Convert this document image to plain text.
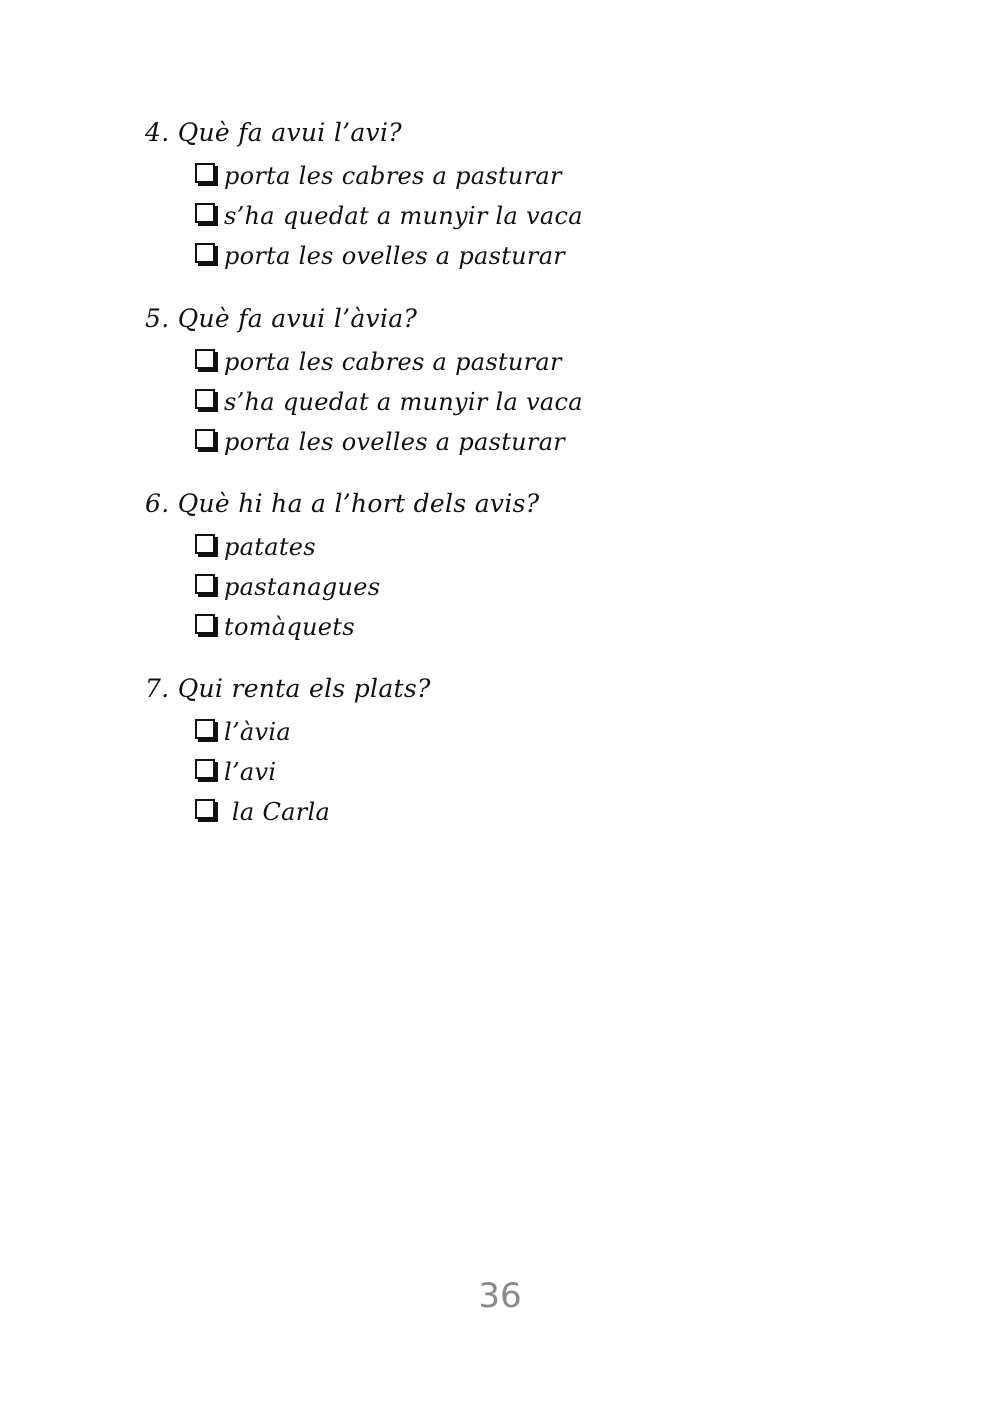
4. Què fa avui l’avi?
porta les cabres a pasturar
s’ha quedat a munyir la vaca
porta les ovelles a pasturar
5. Què fa avui l’àvia?
porta les cabres a pasturar
s’ha quedat a munyir la vaca
porta les ovelles a pasturar
6. Què hi ha a l’hort dels avis?
patates
pastanagues
tomàquets
7. Qui renta els plats?
l’àvia
l’avi
la Carla
36
